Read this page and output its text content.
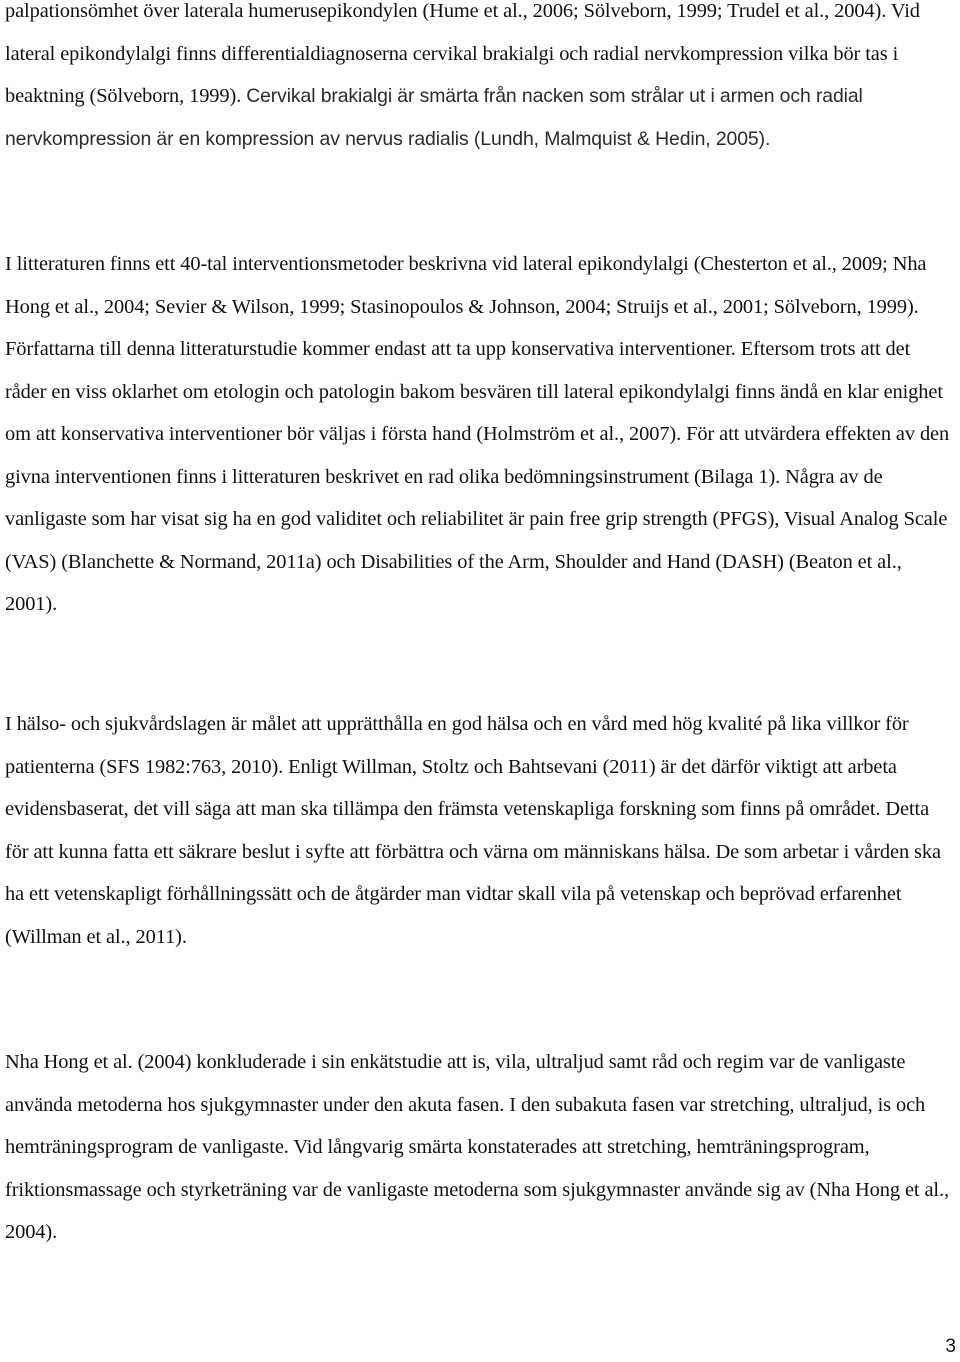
palpationsömhet över laterala humerusepikondylen (Hume et al., 2006; Sölveborn, 1999; Trudel et al., 2004). Vid lateral epikondylalgi finns differentialdiagnoserna cervikal brakialgi och radial nervkompression vilka bör tas i beaktning (Sölveborn, 1999). Cervikal brakialgi är smärta från nacken som strålar ut i armen och radial nervkompression är en kompression av nervus radialis (Lundh, Malmquist & Hedin, 2005).

I litteraturen finns ett 40-tal interventionsmetoder beskrivna vid lateral epikondylalgi (Chesterton et al., 2009; Nha Hong et al., 2004; Sevier & Wilson, 1999; Stasinopoulos & Johnson, 2004; Struijs et al., 2001; Sölveborn, 1999). Författarna till denna litteraturstudie kommer endast att ta upp konservativa interventioner. Eftersom trots att det råder en viss oklarhet om etologin och patologin bakom besvären till lateral epikondylalgi finns ändå en klar enighet om att konservativa interventioner bör väljas i första hand (Holmström et al., 2007). För att utvärdera effekten av den givna interventionen finns i litteraturen beskrivet en rad olika bedömningsinstrument (Bilaga 1). Några av de vanligaste som har visat sig ha en god validitet och reliabilitet är pain free grip strength (PFGS), Visual Analog Scale (VAS) (Blanchette & Normand, 2011a) och Disabilities of the Arm, Shoulder and Hand (DASH) (Beaton et al., 2001).

I hälso- och sjukvårdslagen är målet att upprätthålla en god hälsa och en vård med hög kvalité på lika villkor för patienterna (SFS 1982:763, 2010). Enligt Willman, Stoltz och Bahtsevani (2011) är det därför viktigt att arbeta evidensbaserat, det vill säga att man ska tillämpa den främsta vetenskapliga forskning som finns på området. Detta för att kunna fatta ett säkrare beslut i syfte att förbättra och värna om människans hälsa. De som arbetar i vården ska ha ett vetenskapligt förhållningssätt och de åtgärder man vidtar skall vila på vetenskap och beprövad erfarenhet (Willman et al., 2011).

Nha Hong et al. (2004) konkluderade i sin enkätstudie att is, vila, ultraljud samt råd och regim var de vanligaste använda metoderna hos sjukgymnaster under den akuta fasen. I den subakuta fasen var stretching, ultraljud, is och hemträningsprogram de vanligaste. Vid långvarig smärta konstaterades att stretching, hemträningsprogram, friktionsmassage och styrketräning var de vanligaste metoderna som sjukgymnaster använde sig av (Nha Hong et al., 2004).

3
